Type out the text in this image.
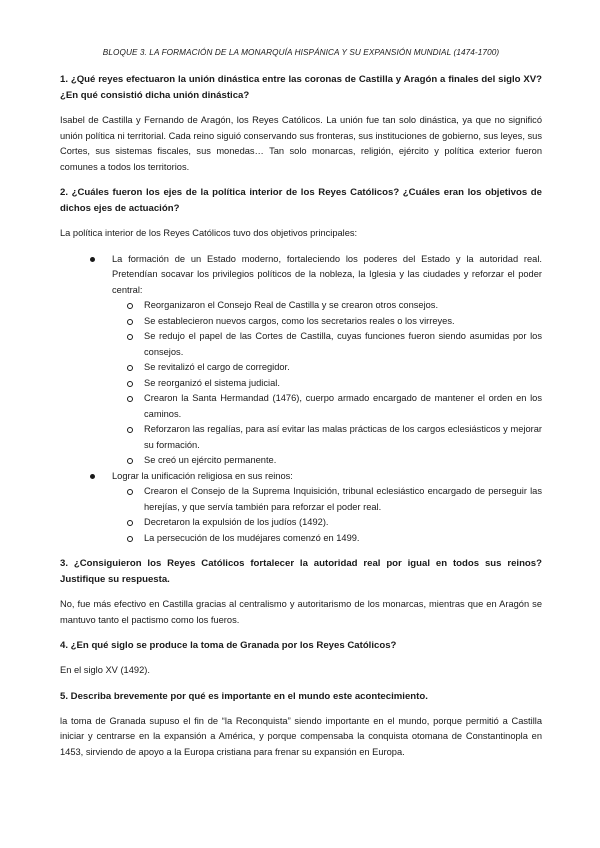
BLOQUE 3. LA FORMACIÓN DE LA MONARQUÍA HISPÁNICA Y SU EXPANSIÓN MUNDIAL (1474-1700)
1. ¿Qué reyes efectuaron la unión dinástica entre las coronas de Castilla y Aragón a finales del siglo XV? ¿En qué consistió dicha unión dinástica?
Isabel de Castilla y Fernando de Aragón, los Reyes Católicos. La unión fue tan solo dinástica, ya que no significó unión política ni territorial. Cada reino siguió conservando sus fronteras, sus instituciones de gobierno, sus leyes, sus Cortes, sus sistemas fiscales, sus monedas… Tan solo monarcas, religión, ejército y política exterior fueron comunes a todos los territorios.
2. ¿Cuáles fueron los ejes de la política interior de los Reyes Católicos? ¿Cuáles eran los objetivos de dichos ejes de actuación?
La política interior de los Reyes Católicos tuvo dos objetivos principales:
La formación de un Estado moderno, fortaleciendo los poderes del Estado y la autoridad real. Pretendían socavar los privilegios políticos de la nobleza, la Iglesia y las ciudades y reforzar el poder central:
Reorganizaron el Consejo Real de Castilla y se crearon otros consejos.
Se establecieron nuevos cargos, como los secretarios reales o los virreyes.
Se redujo el papel de las Cortes de Castilla, cuyas funciones fueron siendo asumidas por los consejos.
Se revitalizó el cargo de corregidor.
Se reorganizó el sistema judicial.
Crearon la Santa Hermandad (1476), cuerpo armado encargado de mantener el orden en los caminos.
Reforzaron las regalías, para así evitar las malas prácticas de los cargos eclesiásticos y mejorar su formación.
Se creó un ejército permanente.
Lograr la unificación religiosa en sus reinos:
Crearon el Consejo de la Suprema Inquisición, tribunal eclesiástico encargado de perseguir las herejías, y que servía también para reforzar el poder real.
Decretaron la expulsión de los judíos (1492).
La persecución de los mudéjares comenzó en 1499.
3. ¿Consiguieron los Reyes Católicos fortalecer la autoridad real por igual en todos sus reinos? Justifique su respuesta.
No, fue más efectivo en Castilla gracias al centralismo y autoritarismo de los monarcas, mientras que en Aragón se mantuvo tanto el pactismo como los fueros.
4. ¿En qué siglo se produce la toma de Granada por los Reyes Católicos?
En el siglo XV (1492).
5. Describa brevemente por qué es importante en el mundo este acontecimiento.
la toma de Granada supuso el fin de “la Reconquista” siendo importante en el mundo, porque permitió a Castilla iniciar y centrarse en la expansión a América, y porque compensaba la conquista otomana de Constantinopla en 1453, sirviendo de apoyo a la Europa cristiana para frenar su expansión en Europa.
